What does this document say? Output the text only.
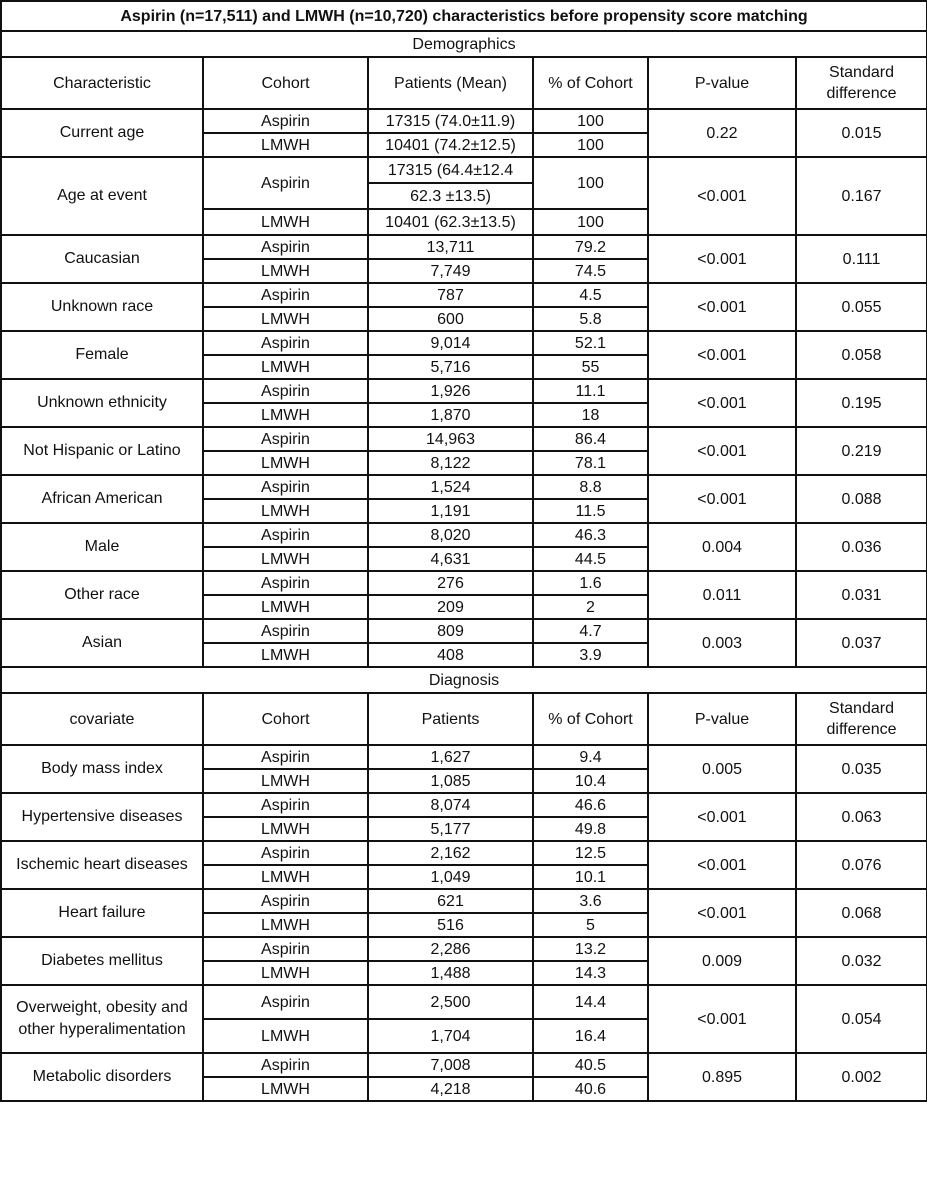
Aspirin (n=17,511) and LMWH (n=10,720) characteristics before propensity score matching					
Demographics					
Characteristic	Cohort	Patients (Mean)	% of Cohort	P-value	Standard difference
Current age	Aspirin	17315 (74.0±11.9)	100	0.22	0.015
	LMWH	10401 (74.2±12.5)	100		
Age at event	Aspirin	17315 (64.4±12.4	100	<0.001	0.167
		62.3 ±13.5)			
	LMWH	10401 (62.3±13.5)	100		
Caucasian	Aspirin	13,711	79.2	<0.001	0.111
	LMWH	7,749	74.5		
Unknown race	Aspirin	787	4.5	<0.001	0.055
	LMWH	600	5.8		
Female	Aspirin	9,014	52.1	<0.001	0.058
	LMWH	5,716	55		
Unknown ethnicity	Aspirin	1,926	11.1	<0.001	0.195
	LMWH	1,870	18		
Not Hispanic or Latino	Aspirin	14,963	86.4	<0.001	0.219
	LMWH	8,122	78.1		
African American	Aspirin	1,524	8.8	<0.001	0.088
	LMWH	1,191	11.5		
Male	Aspirin	8,020	46.3	0.004	0.036
	LMWH	4,631	44.5		
Other race	Aspirin	276	1.6	0.011	0.031
	LMWH	209	2		
Asian	Aspirin	809	4.7	0.003	0.037
	LMWH	408	3.9		
Diagnosis					
covariate	Cohort	Patients	% of Cohort	P-value	Standard difference
Body mass index	Aspirin	1,627	9.4	0.005	0.035
	LMWH	1,085	10.4		
Hypertensive diseases	Aspirin	8,074	46.6	<0.001	0.063
	LMWH	5,177	49.8		
Ischemic heart diseases	Aspirin	2,162	12.5	<0.001	0.076
	LMWH	1,049	10.1		
Heart failure	Aspirin	621	3.6	<0.001	0.068
	LMWH	516	5		
Diabetes mellitus	Aspirin	2,286	13.2	0.009	0.032
	LMWH	1,488	14.3		
Overweight, obesity and other hyperalimentation	Aspirin	2,500	14.4	<0.001	0.054
	LMWH	1,704	16.4		
Metabolic disorders	Aspirin	7,008	40.5	0.895	0.002
	LMWH	4,218	40.6		
